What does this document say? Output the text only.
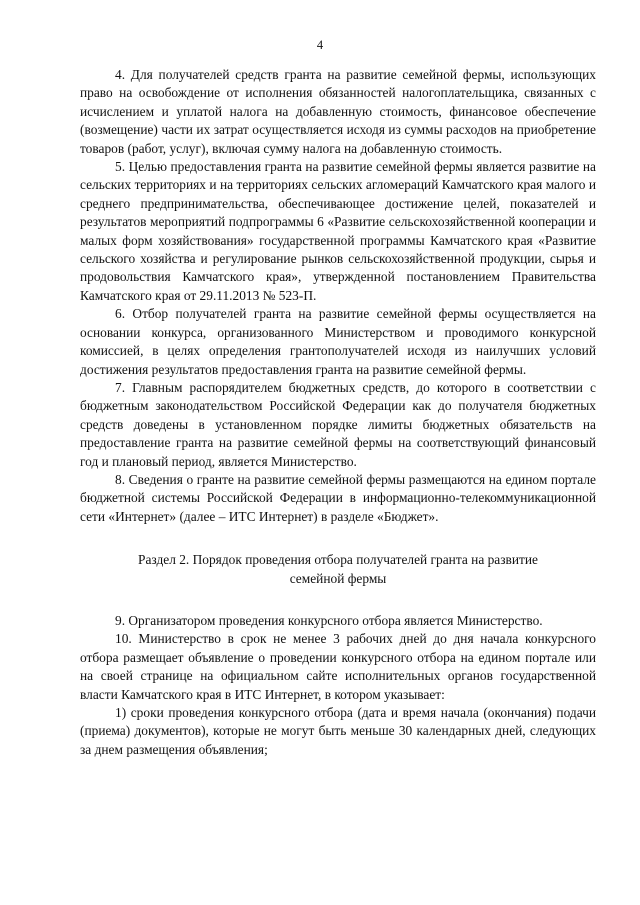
4

4. Для получателей средств гранта на развитие семейной фермы, использующих право на освобождение от исполнения обязанностей налогоплательщика, связанных с исчислением и уплатой налога на добавленную стоимость, финансовое обеспечение (возмещение) части их затрат осуществляется исходя из суммы расходов на приобретение товаров (работ, услуг), включая сумму налога на добавленную стоимость.

5. Целью предоставления гранта на развитие семейной фермы является развитие на сельских территориях и на территориях сельских агломераций Камчатского края малого и среднего предпринимательства, обеспечивающее достижение целей, показателей и результатов мероприятий подпрограммы 6 «Развитие сельскохозяйственной кооперации и малых форм хозяйствования» государственной программы Камчатского края «Развитие сельского хозяйства и регулирование рынков сельскохозяйственной продукции, сырья и продовольствия Камчатского края», утвержденной постановлением Правительства Камчатского края от 29.11.2013 № 523-П.

6. Отбор получателей гранта на развитие семейной фермы осуществляется на основании конкурса, организованного Министерством и проводимого конкурсной комиссией, в целях определения грантополучателей исходя из наилучших условий достижения результатов предоставления гранта на развитие семейной фермы.

7. Главным распорядителем бюджетных средств, до которого в соответствии с бюджетным законодательством Российской Федерации как до получателя бюджетных средств доведены в установленном порядке лимиты бюджетных обязательств на предоставление гранта на развитие семейной фермы на соответствующий финансовый год и плановый период, является Министерство.

8. Сведения о гранте на развитие семейной фермы размещаются на едином портале бюджетной системы Российской Федерации в информационно-телекоммуникационной сети «Интернет» (далее – ИТС Интернет) в разделе «Бюджет».

Раздел 2. Порядок проведения отбора получателей гранта на развитие
семейной фермы

9. Организатором проведения конкурсного отбора является Министерство.

10. Министерство в срок не менее 3 рабочих дней до дня начала конкурсного отбора размещает объявление о проведении конкурсного отбора на едином портале или на своей странице на официальном сайте исполнительных органов государственной власти Камчатского края в ИТС Интернет, в котором указывает:

1) сроки проведения конкурсного отбора (дата и время начала (окончания) подачи (приема) документов), которые не могут быть меньше 30 календарных дней, следующих за днем размещения объявления;
